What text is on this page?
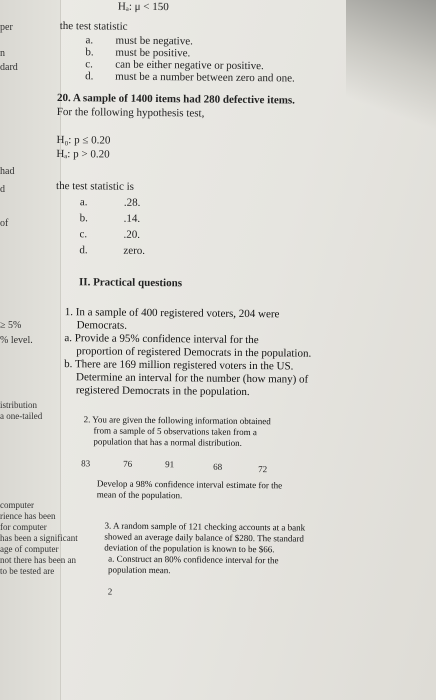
per
n
dard
had
d
of
≥ 5%
% level.
istribution
a one-tailed
computer
rience has been
for computer
has been a significant
age of computer
not there has been an
to be tested are
Hₐ: μ < 150
the test statistic
a. must be negative.
b. must be positive.
c. can be either negative or positive.
d. must be a number between zero and one.
20. A sample of 1400 items had 280 defective items.
For the following hypothesis test,
H₀: p ≤ 0.20
Hₐ: p > 0.20
the test statistic is
a.	.28.
b.	.14.
c.	.20.
d.	zero.
II. Practical questions
1. In a sample of 400 registered voters, 204 were
Democrats.
a. Provide a 95% confidence interval for the
proportion of registered Democrats in the population.
b. There are 169 million registered voters in the US.
Determine an interval for the number (how many) of
registered Democrats in the population.
2. You are given the following information obtained
from a sample of 5 observations taken from a
population that has a normal distribution.
83	76	91	68	72
Develop a 98% confidence interval estimate for the
mean of the population.
3. A random sample of 121 checking accounts at a bank
showed an average daily balance of $280. The standard
deviation of the population is known to be $66.
a. Construct an 80% confidence interval for the
population mean.
2
